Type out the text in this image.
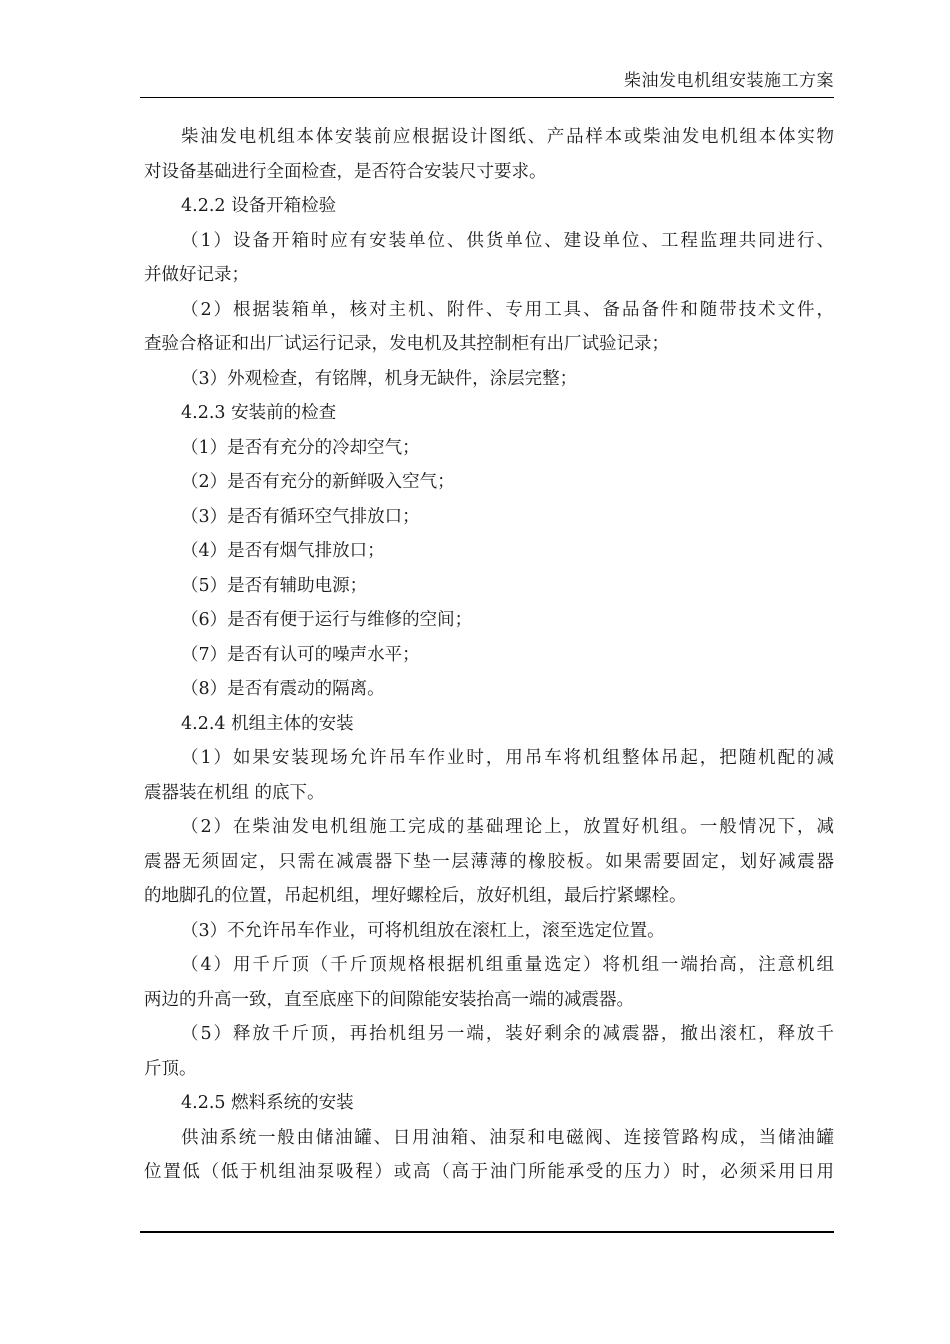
柴油发电机组安装施工方案
柴油发电机组本体安装前应根据设计图纸、产品样本或柴油发电机组本体实物
对设备基础进行全面检查，是否符合安装尺寸要求。
4.2.2 设备开箱检验
（1）设备开箱时应有安装单位、供货单位、建设单位、工程监理共同进行、
并做好记录；
（2）根据装箱单，核对主机、附件、专用工具、备品备件和随带技术文件，
查验合格证和出厂试运行记录，发电机及其控制柜有出厂试验记录；
（3）外观检查，有铭牌，机身无缺件，涂层完整；
4.2.3 安装前的检查
（1）是否有充分的冷却空气；
（2）是否有充分的新鲜吸入空气；
（3）是否有循环空气排放口；
（4）是否有烟气排放口；
（5）是否有辅助电源；
（6）是否有便于运行与维修的空间；
（7）是否有认可的噪声水平；
（8）是否有震动的隔离。
4.2.4 机组主体的安装
（1）如果安装现场允许吊车作业时，用吊车将机组整体吊起，把随机配的减
震器装在机组 的底下。
（2）在柴油发电机组施工完成的基础理论上，放置好机组。一般情况下，减
震器无须固定，只需在减震器下垫一层薄薄的橡胶板。如果需要固定，划好减震器
的地脚孔的位置，吊起机组，埋好螺栓后，放好机组，最后拧紧螺栓。
（3）不允许吊车作业，可将机组放在滚杠上，滚至选定位置。
（4）用千斤顶（千斤顶规格根据机组重量选定）将机组一端抬高，注意机组
两边的升高一致，直至底座下的间隙能安装抬高一端的减震器。
（5）释放千斤顶，再抬机组另一端，装好剩余的减震器，撤出滚杠，释放千
斤顶。
4.2.5 燃料系统的安装
供油系统一般由储油罐、日用油箱、油泵和电磁阀、连接管路构成，当储油罐
位置低（低于机组油泵吸程）或高（高于油门所能承受的压力）时，必须采用日用
